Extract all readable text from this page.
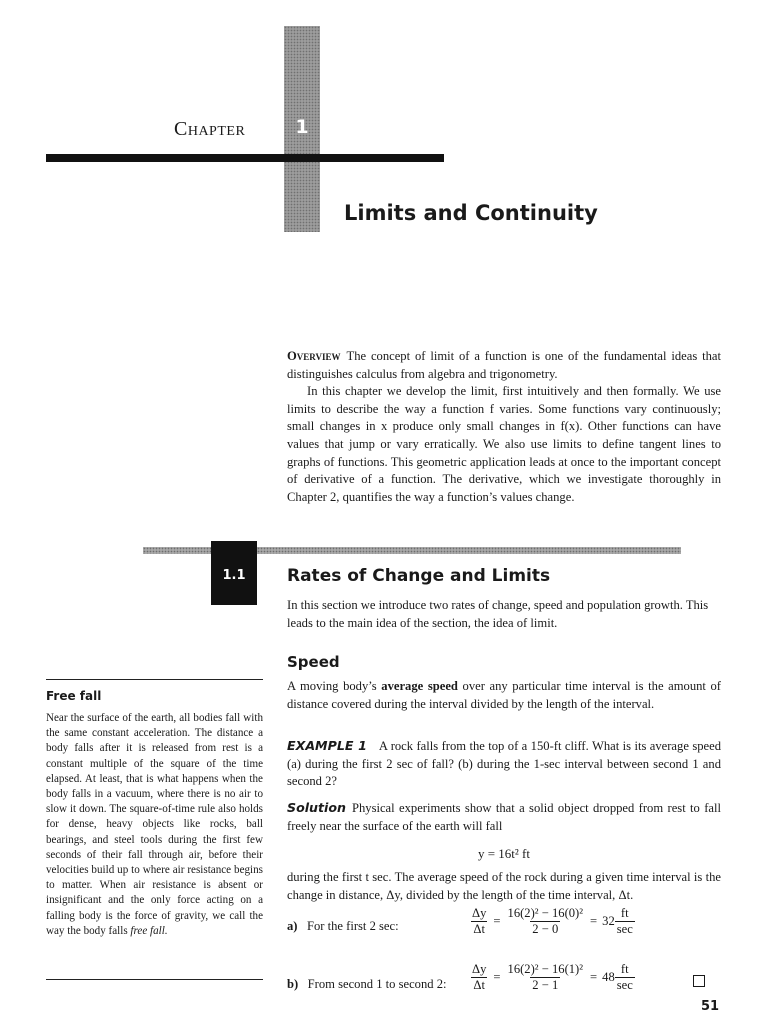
1
Chapter
Limits and Continuity

Overview The concept of limit of a function is one of the fundamental ideas that distinguishes calculus from algebra and trigonometry.

In this chapter we develop the limit, first intuitively and then formally. We use limits to describe the way a function f varies. Some functions vary continuously; small changes in x produce only small changes in f(x). Other functions can have values that jump or vary erratically. We also use limits to define tangent lines to graphs of functions. This geometric application leads at once to the important concept of derivative of a function. The derivative, which we investigate thoroughly in Chapter 2, quantifies the way a function’s values change.

1.1	Rates of Change and Limits

In this section we introduce two rates of change, speed and population growth. This leads to the main idea of the section, the idea of limit.

Speed

A moving body’s average speed over any particular time interval is the amount of distance covered during the interval divided by the length of the interval.

EXAMPLE 1 A rock falls from the top of a 150-ft cliff. What is its average speed (a) during the first 2 sec of fall? (b) during the 1-sec interval between second 1 and second 2?

Solution Physical experiments show that a solid object dropped from rest to fall freely near the surface of the earth will fall

y = 16t² ft

during the first t sec. The average speed of the rock during a given time interval is the change in distance, Δy, divided by the length of the time interval, Δt.

a) For the first 2 sec:	$\frac{\Delta y}{\Delta t} = \frac{\text{16(2)² − 16(0)²}}{2 - 0} = 32 \frac{ft}{\sec}$
b) From second 1 to second 2: $\frac{\Delta y}{\Delta t} = \frac{\text{16(2)² − 16(1)²}}{2 - 1} = 48 \frac{ft}{\sec}$
Free fall

Near the surface of the earth, all bodies fall with the same constant acceleration. The distance a body falls after it is released from rest is a constant multiple of the square of the time elapsed. At least, that is what happens when the body falls in a vacuum, where there is no air to slow it down. The square-of-time rule also holds for dense, heavy objects like rocks, ball bearings, and steel tools during the first few seconds of their fall through air, before their velocities build up to where air resistance begins to matter. When air resistance is absent or insignificant and the only force acting on a falling body is the force of gravity, we call the way the body falls free fall.

51
